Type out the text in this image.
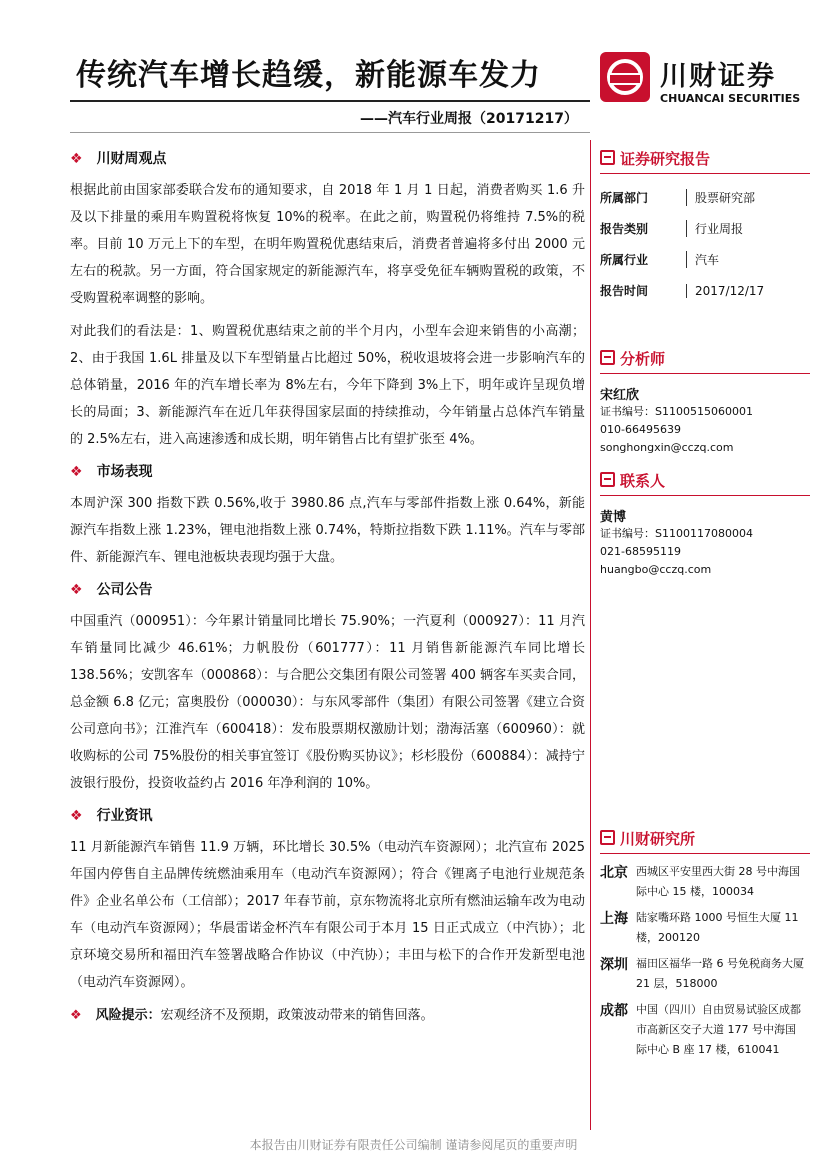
传统汽车增长趋缓，新能源车发力
——汽车行业周报（20171217）
川财证券
CHUANCAI SECURITIES
❖ 川财周观点

根据此前由国家部委联合发布的通知要求，自 2018 年 1 月 1 日起，消费者购买 1.6 升及以下排量的乘用车购置税将恢复 10%的税率。在此之前，购置税仍将维持 7.5%的税率。目前 10 万元上下的车型，在明年购置税优惠结束后，消费者普遍将多付出 2000 元左右的税款。另一方面，符合国家规定的新能源汽车，将享受免征车辆购置税的政策，不受购置税率调整的影响。

对此我们的看法是：1、购置税优惠结束之前的半个月内，小型车会迎来销售的小高潮；2、由于我国 1.6L 排量及以下车型销量占比超过 50%，税收退坡将会进一步影响汽车的总体销量，2016 年的汽车增长率为 8%左右，今年下降到 3%上下，明年或许呈现负增长的局面；3、新能源汽车在近几年获得国家层面的持续推动，今年销量占总体汽车销量的 2.5%左右，进入高速渗透和成长期，明年销售占比有望扩张至 4%。

❖ 市场表现

本周沪深 300 指数下跌 0.56%,收于 3980.86 点,汽车与零部件指数上涨 0.64%，新能源汽车指数上涨 1.23%，锂电池指数上涨 0.74%，特斯拉指数下跌 1.11%。汽车与零部件、新能源汽车、锂电池板块表现均强于大盘。

❖ 公司公告

中国重汽（000951）：今年累计销量同比增长 75.90%；一汽夏利（000927）：11 月汽车销量同比减少 46.61%；力帆股份（601777）：11 月销售新能源汽车同比增长 138.56%；安凯客车（000868）：与合肥公交集团有限公司签署 400 辆客车买卖合同，总金额 6.8 亿元；富奥股份（000030）：与东风零部件（集团）有限公司签署《建立合资公司意向书》；江淮汽车（600418）：发布股票期权激励计划；渤海活塞（600960）：就收购标的公司 75%股份的相关事宜签订《股份购买协议》；杉杉股份（600884）：减持宁波银行股份，投资收益约占 2016 年净利润的 10%。

❖ 行业资讯

11 月新能源汽车销售 11.9 万辆，环比增长 30.5%（电动汽车资源网）；北汽宣布 2025 年国内停售自主品牌传统燃油乘用车（电动汽车资源网）；符合《锂离子电池行业规范条件》企业名单公布（工信部）；2017 年春节前，京东物流将北京所有燃油运输车改为电动车（电动汽车资源网）；华晨雷诺金杯汽车有限公司于本月 15 日正式成立（中汽协）；北京环境交易所和福田汽车签署战略合作协议（中汽协）；丰田与松下的合作开发新型电池（电动汽车资源网）。

❖ 风险提示：宏观经济不及预期，政策波动带来的销售回落。
证券研究报告
所属部门	股票研究部
报告类别	行业周报
所属行业	汽车
报告时间	2017/12/17
分析师
宋红欣
证书编号：S1100515060001
010-66495639
songhongxin@cczq.com
联系人
黄博
证书编号：S1100117080004
021-68595119
huangbo@cczq.com
川财研究所
北京 西城区平安里西大街 28 号中海国际中心 15 楼，100034
上海 陆家嘴环路 1000 号恒生大厦 11 楼，200120
深圳 福田区福华一路 6 号免税商务大厦 21 层，518000
成都 中国（四川）自由贸易试验区成都市高新区交子大道 177 号中海国际中心 B 座 17 楼，610041
本报告由川财证券有限责任公司编制 谨请参阅尾页的重要声明
